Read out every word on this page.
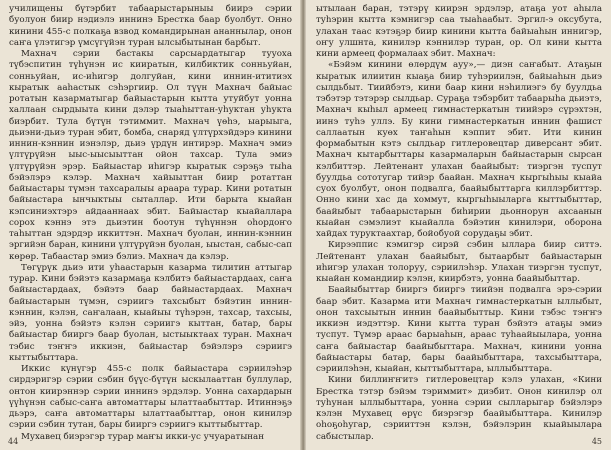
училищены бүтэрбит табаарыстарыныы биирэ сэрии буолуон биир нэдиэлэ иннинэ Брестка баар буолбут. Онно кинини 455-с полкаҕа взвод командирынан ананнылар, онон саҥа үлэтигэр үмсүгүйэн туран ылсыбытынан барбыт.

Махнач сэрии бастакы сарсыардатыгар тууоха түбэспитин түһүнэн ис кииратын, килбиктик сонньуйан, сонньуйан, ис-иһигэр долгуйан, кини иннин-ититиэх кыратык ааһастык сэһэргиир. Ол түүн Махнач байыас ротатын казарматыгар байыастарын кытта утуйбут уонна халлаан сырдыыта кини дэлэр тыаһыттан-уһуктан уһукта биэрбит. Тула бүтүн тэтиммит. Махнач үөһэ, ыарыыга, дьиэни-дьиэ туран эбит, бомба, снаряд үлтүрхэйдэрэ кинини иннин-кэннин иэнэлэр, дьиэ үрдүн интирэр. Махнач эмиэ үлтүрүйэн ыыс-ыысыыттан ойон тахсар. Тула эмиэ үлтүрүйэн эрэр. Байыастар иһигэр кыратык сэрэҕэ тыһа бэйэлэрэ кэлэр. Махнач хайыыттан биир ротаттан байыастары түмэн тахсаралыы араара турар. Кини ротатын байыастара ынчыктыы сыталлар. Ити барыта кыайан кэпсиниэхтэрэ айдааннаах эбит. Байыастар кыайаллара сорох кэннэ этэ дьиэтин боотун түһүннэн оһордоҥо таһыттан эдэрдэр иккиттэн. Махнач буолан, иннин-кэннин эргийэн баран, кинини үлтүрүйэн буолан, ыыстан, сабыс-сап көрөр. Табаастар эмиэ бэлиэ. Махнач да кэлэр.

Төгүрүк дьиэ ити уһаастарын казарма тилитин аттыгар турар. Кини бэйэтэ казармаҕа кэлбитэ байыастардаах, саҥа байыастардаах, бэйэтэ баар байыастардаах. Махнач байыастарын түмэн, сэриигэ тахсыбыт бэйэтин иннин-кэннин, кэлэн, саҥалаан, кыайыы түһэрэн, тахсар, тахсыы, эйэ, уонна бэйэтэ кэлэн сэриигэ кыттан, батар, бары байыастар бииргэ баар буолан, ыстыыктаах туран. Махнач тэбис тэҥҥэ иккиэн, байыастар бэйэлэрэ сэриигэ кыттыбыттара.

Иккис күнүгэр 455-с полк байыастара сэриилэһэр сирдэригэр сэрии сэбин бүүс-бүтүн ыскылааттан буллулар, онтон киирэннэр сэрии иннинэ эрдэлэр. Уонна сахардарын үүһүнэн сабыс-саҥа автоматтары ылаттаабыттар. Итиннэҕэ дьэрэ, саҥа автоматтары ылаттаабыттар, онон кинилэр сэрии сэбин тутан, бары бииргэ сэриигэ кыттыбыттар.

Мухавец биэрэгэр турар маҥы икки-ус учуаратынан

44

ытылаан баран, тэтэрү киирэн эрдэлэр, атаҕа уот аһыла туһэрин кытта кэмнигэр саа тыаһаабыт. Эргил-э оксубута, улахан таас кэтэҕэр биир кинини кытта байыаһын иннигэр, оҥу улшнта, кинилэр кэннилэр туран, ор. Ол кини кытта кини армеец формалаах эбит. Махнач:

«Бэйэм кинини өлөрдүм ауу»,— диэн саҥабыт. Атаҕын кыратык илиитин кыаҕа биир туһэриилэн, байыаһын дьиэ сылдьбыт. Тиийбэтэ, кини баар кини нэһилиэгэ бу буулдьа тэбэтэр тэтэрэр сылдьар. Сураҕа тэбэрбит табаарыһа дьиэтэ, Махнач кыһыл армеец гимнастеркатын тиийэрэ сүрэхтэн, иинэ туһэ уллэ. Бу кини гимнастеркатын иннин фашист саллаатын куөх таҥаһын кэппит эбит. Ити кинин формабытын кэтэ сылдьар гитлеровецтар диверсант эбит. Махнач кытарбыттары казармаларын байыастарын сырсан кэлбиттэр. Лейтенант улахан баайыбыт: тиэргэн туспут буулдьа сототугар тийэр баайан. Махнач кыргыһыы кыайа суох буолбут, онон подвалга, баайыбыттарга киллэрбиттэр. Онно кини хас да хоммут, кыргыһыыларга кыттыбыттар, баайыбыт табаарыстарын биһирии дьоннорун ахсаанын кыайан сэмэлиэт кыайалла бэйэтин кинилэри, оборона хайдах туруктаахтар, бойобуой сорудаҕы эбит.

Кирээппис кэмигэр сирэй сэбин ыллара биир ситтэ. Лейтенант улахан баайыбыт, бытаарбыт байыастарын иһигэр улахан толоруу, сэриилэһэр. Улахан тиэргэн туспут, кыайан командиир кэлэн, киирбэтэ, уонна баайыбыттар.

Баайыбыттар бииргэ бииргэ тиийэн подвалга эрэ-сэрии баар эбит. Казарма ити Махнач гимнастеркатын ыллыбыт, онон тахсыытын иннин баайыбыттыр. Кини тэбэс тэҥҥэ иккиэн иэдэттэр. Кини кытта туран бэйэтэ атаҕы эмиэ туспут. Түмэр араас барыаһын, араас туһаайыылара, уонна саҥа байыастар баайыбыттара. Махнач, кинини уонна байыастары батар, бары баайыбыттара, тахсыбыттара, сэриилэһэн, кыайан, кыттыбыттара, ыллыбыттара.

Кини биллиҥҥитэ гитлеровецтар кэлэ улахан, «Кини Брестка тэтэр бэйэм тэриммит» диэбит. Онон кинилэр ол туһунан ыллыбыттара, уонна сэрии сылларыгар бэйэлэрэ кэлэн Мухавец өрүс биэрэгэр баайыбыттара. Кинилэр оһоҕоһугар, сэрииттэн кэлэн, бэйэлэрин кыайыылара сабыстылар.	45
